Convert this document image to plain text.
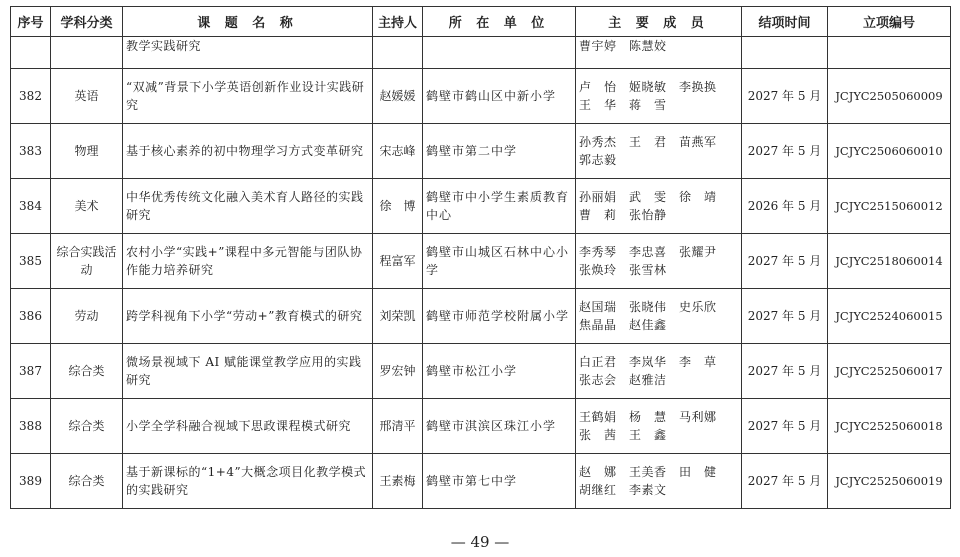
序号	学科分类	课 题 名 称	主持人	所 在 单 位	主 要 成 员	结项时间	立项编号
		教学实践研究			曹宇婷　陈慧姣		

382	英语	“双减”背景下小学英语创新作业设计实践研究	赵媛媛	鹤壁市鹤山区中新小学	卢　怡　姬晓敏　李换换
王　华　蒋　雪	2027 年 5 月	JCJYC2505060009
383	物理	基于核心素养的初中物理学习方式变革研究	宋志峰	鹤壁市第二中学	孙秀杰　王　君　苗燕军
郭志毅	2027 年 5 月	JCJYC2506060010
384	美术	中华优秀传统文化融入美术育人路径的实践研究	徐　博	鹤壁市中小学生素质教育中心	孙丽娟　武　雯　徐　靖
曹　莉　张怡静	2026 年 5 月	JCJYC2515060012
385	综合实践活动	农村小学“实践+”课程中多元智能与团队协作能力培养研究	程富军	鹤壁市山城区石林中心小学	李秀琴　李忠喜　张耀尹
张焕玲　张雪林	2027 年 5 月	JCJYC2518060014
386	劳动	跨学科视角下小学“劳动+”教育模式的研究	刘荣凯	鹤壁市师范学校附属小学	赵国瑞　张晓伟　史乐欣
焦晶晶　赵佳鑫	2027 年 5 月	JCJYC2524060015
387	综合类	微场景视域下 AI 赋能课堂教学应用的实践研究	罗宏钟	鹤壁市松江小学	白正君　李岚华　李　草
张志会　赵雅洁	2027 年 5 月	JCJYC2525060017
388	综合类	小学全学科融合视域下思政课程模式研究	邢清平	鹤壁市淇滨区珠江小学	王鹤娟　杨　慧　马利娜
张　茜　王　鑫	2027 年 5 月	JCJYC2525060018
389	综合类	基于新课标的“1+4”大概念项目化教学模式的实践研究	王素梅	鹤壁市第七中学	赵　娜　王美香　田　健
胡继红　李素文	2027 年 5 月	JCJYC2525060019
— 49 —
